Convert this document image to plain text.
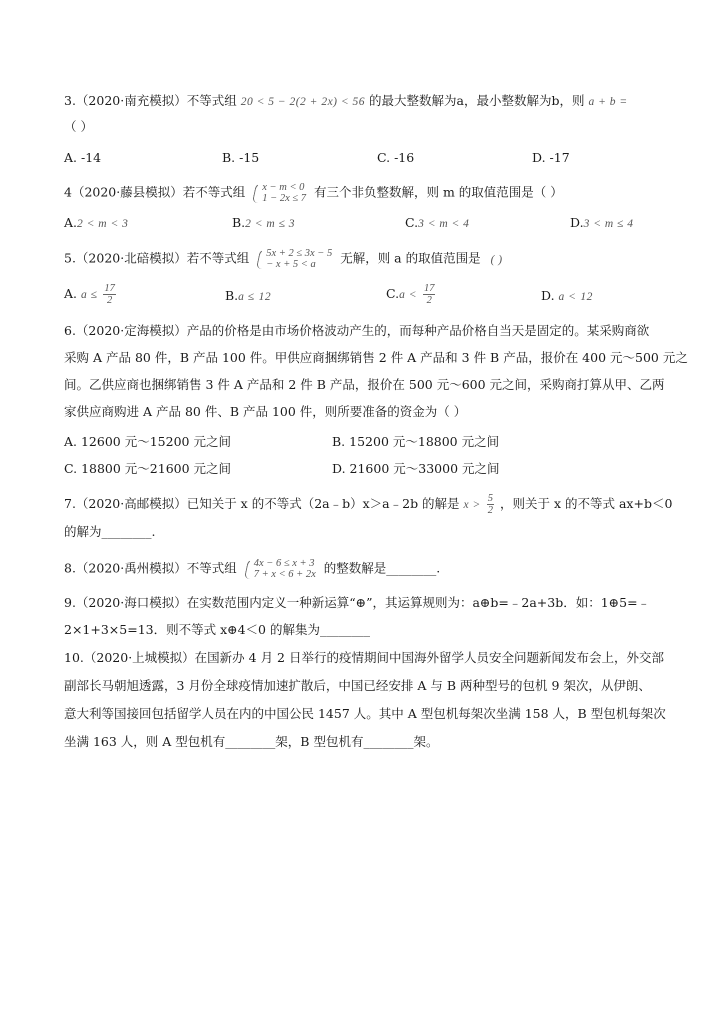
3.（2020·南充模拟）不等式组 20 < 5 − 2(2 + 2x) < 56 的最大整数解为a，最小整数解为b，则 a + b =
（ ）
A. -14	B. -15	C. -16	D. -17
4（2020·藤县模拟）若不等式组 x − m < 0
1 − 2x ≤ 7 有三个非负整数解，则 m 的取值范围是（ ）
A.2 < m < 3	B.2 < m ≤ 3	C.3 < m < 4	D.3 < m ≤ 4
5.（2020·北碚模拟）若不等式组 5x + 2 ≤ 3x − 5
− x + 5 < a	无解，则 a 的取值范围是 ( )
A. $a \le \frac{17}{2}$	B.a ≤ 12	$C.a < \frac{17}{2}$	D. a < 12
6.（2020·定海模拟）产品的价格是由市场价格波动产生的，而每种产品价格自当天是固定的。某采购商欲
采购 A 产品 80 件，B 产品 100 件。甲供应商捆绑销售 2 件 A 产品和 3 件 B 产品，报价在 400 元～500 元之
间。乙供应商也捆绑销售 3 件 A 产品和 2 件 B 产品，报价在 500 元～600 元之间，采购商打算从甲、乙两
家供应商购进 A 产品 80 件、B 产品 100 件，则所要准备的资金为（ ）
A. 12600 元～15200 元之间	B. 15200 元～18800 元之间
C. 18800 元～21600 元之间	D. 21600 元～33000 元之间
7.（2020·高邮模拟）已知关于 x 的不等式（2a﹣b）x＞a﹣2b 的解是 $x > \frac{5}{2}$ ，则关于 x 的不等式 ax+b＜0
的解为________.
8.（2020·禹州模拟）不等式组 4x − 6 ≤ x + 3
7 + x < 6 + 2x 的整数解是________.
9.（2020·海口模拟）在实数范围内定义一种新运算“⊕”，其运算规则为：a⊕b=﹣2a+3b．如：1⊕5=﹣
2×1+3×5=13．则不等式 x⊕4＜0 的解集为________
10.（2020·上城模拟）在国新办 4 月 2 日举行的疫情期间中国海外留学人员安全问题新闻发布会上，外交部
副部长马朝旭透露，3 月份全球疫情加速扩散后，中国已经安排 A 与 B 两种型号的包机 9 架次，从伊朗、
意大利等国接回包括留学人员在内的中国公民 1457 人。其中 A 型包机每架次坐满 158 人，B 型包机每架次
坐满 163 人，则 A 型包机有________架，B 型包机有________架。
